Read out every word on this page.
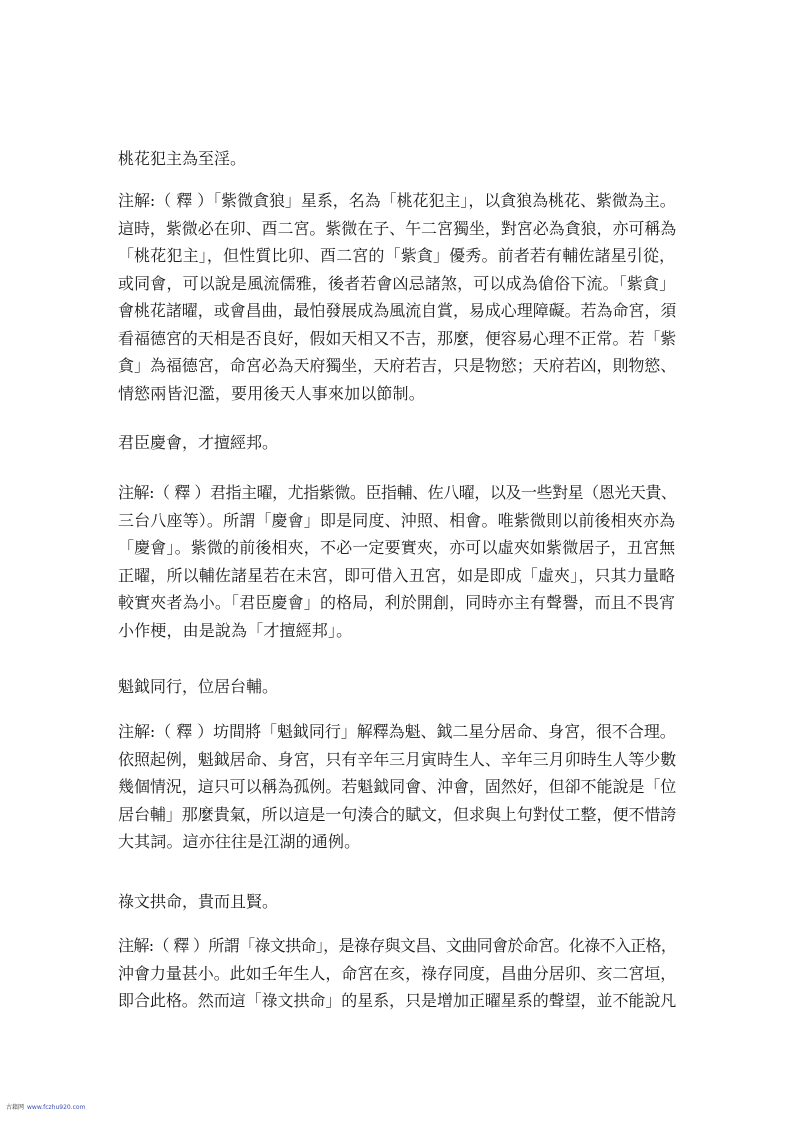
桃花犯主為至淫。
注解:（ 釋 ）「紫微貪狼」星系，名為「桃花犯主」，以貪狼為桃花、紫微為主。
這時，紫微必在卯、酉二宮。紫微在子、午二宮獨坐，對宮必為貪狼，亦可稱為
「桃花犯主」，但性質比卯、酉二宮的「紫貪」優秀。前者若有輔佐諸星引從，
或同會，可以說是風流儒雅，後者若會凶忌諸煞，可以成為傖俗下流。「紫貪」
會桃花諸曜，或會昌曲，最怕發展成為風流自賞，易成心理障礙。若為命宮，須
看福德宮的天相是否良好，假如天相又不吉，那麼，便容易心理不正常。若「紫
貪」為福德宮，命宮必為天府獨坐，天府若吉，只是物慾；天府若凶，則物慾、
情慾兩皆氾濫，要用後天人事來加以節制。
君臣慶會，才擅經邦。
注解:（ 釋 ）君指主曜，尤指紫微。臣指輔、佐八曜，以及一些對星（恩光天貴、
三台八座等）。所謂「慶會」即是同度、沖照、相會。唯紫微則以前後相夾亦為
「慶會」。紫微的前後相夾，不必一定要實夾，亦可以虛夾如紫微居子，丑宮無
正曜，所以輔佐諸星若在未宮，即可借入丑宮，如是即成「虛夾」，只其力量略
較實夾者為小。「君臣慶會」的格局，利於開創，同時亦主有聲譽，而且不畏宵
小作梗，由是說為「才擅經邦」。
魁鉞同行，位居台輔。
注解:（ 釋 ）坊間將「魁鉞同行」解釋為魁、鉞二星分居命、身宮，很不合理。
依照起例，魁鉞居命、身宮，只有辛年三月寅時生人、辛年三月卯時生人等少數
幾個情況，這只可以稱為孤例。若魁鉞同會、沖會，固然好，但卻不能說是「位
居台輔」那麼貴氣，所以這是一句湊合的賦文，但求與上句對仗工整，便不惜誇
大其詞。這亦往往是江湖的通例。
祿文拱命，貴而且賢。
注解:（ 釋 ）所謂「祿文拱命」，是祿存與文昌、文曲同會於命宮。化祿不入正格，
沖會力量甚小。此如壬年生人，命宮在亥，祿存同度，昌曲分居卯、亥二宮垣，
即合此格。然而這「祿文拱命」的星系，只是增加正曜星系的聲望，並不能說凡
古籍网 www.fczhu920.com
